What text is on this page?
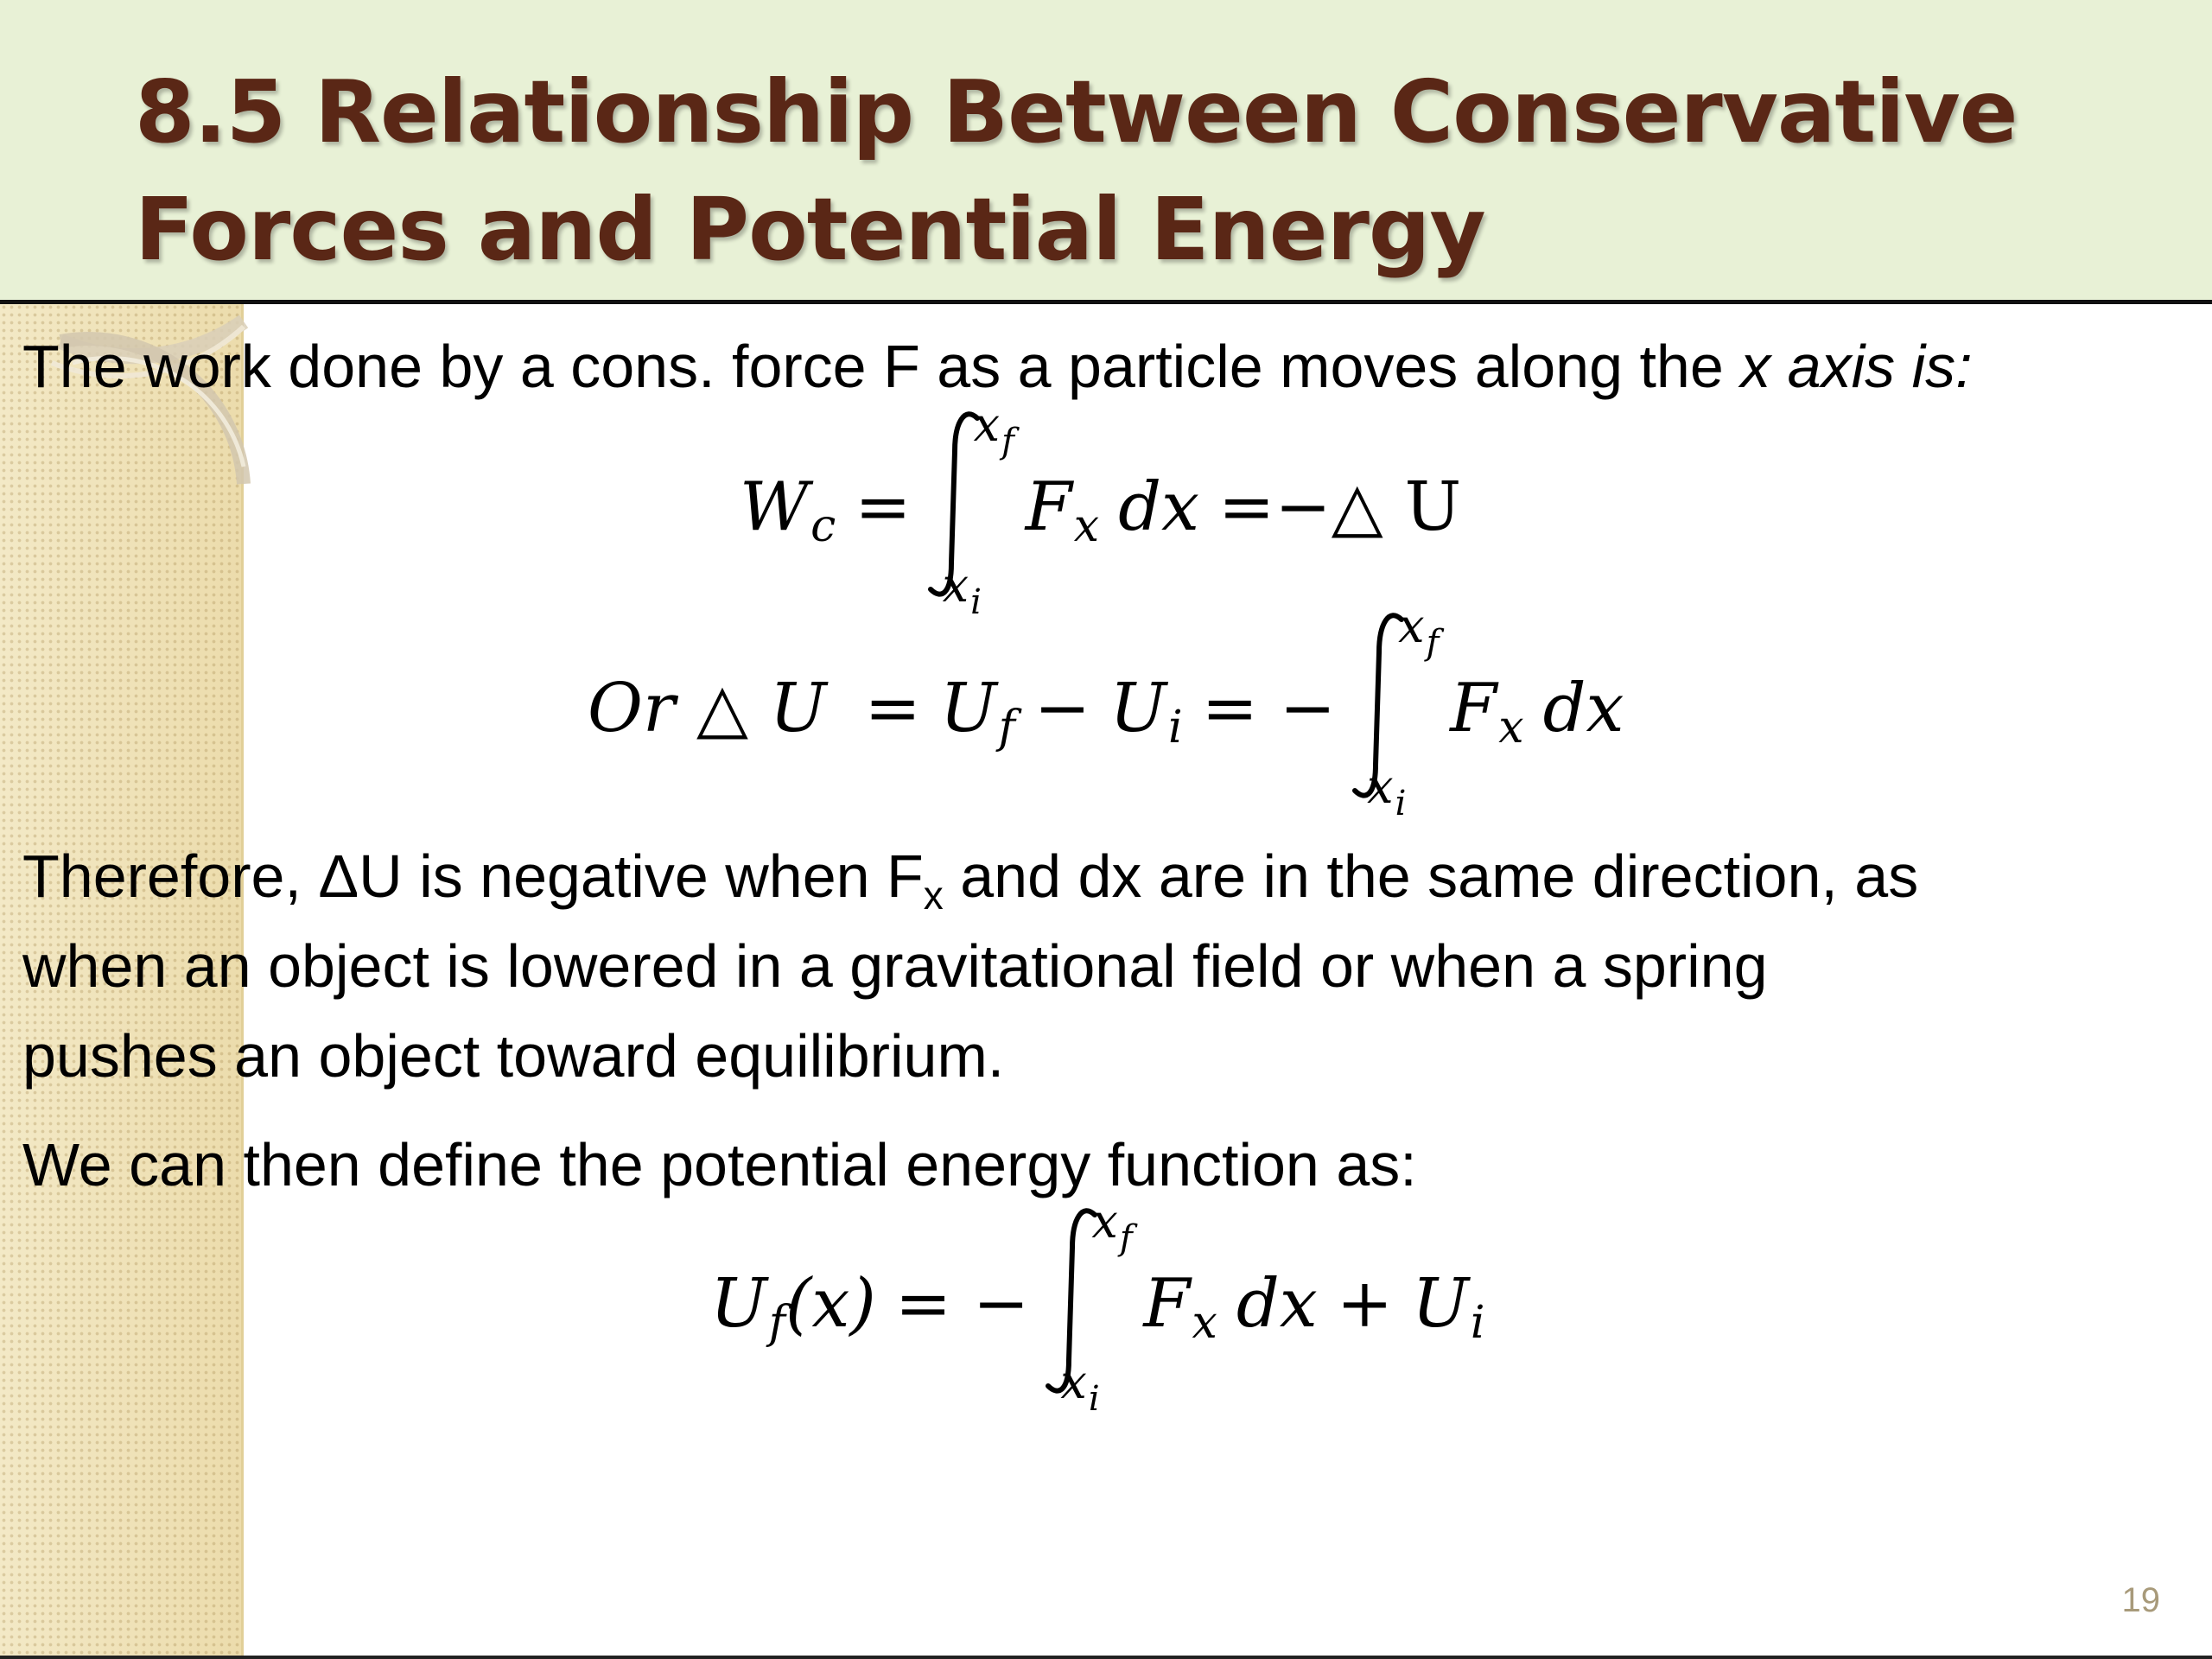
8.5 Relationship Between Conservative
Forces and Potential Energy

The work done by a cons. force F as a particle moves along the x axis is:

W c =
xf
xi
F x dx =−△ U
Or △ U = U f − U i = −
xf
xi
F x dx

Therefore, ΔU is negative when $F_x$ and dx are in the same direction, as
when an object is lowered in a gravitational field or when a spring
pushes an object toward equilibrium.

We can then define the potential energy function as:

U f (x) = −
xf
xi
F x dx + U i
19
